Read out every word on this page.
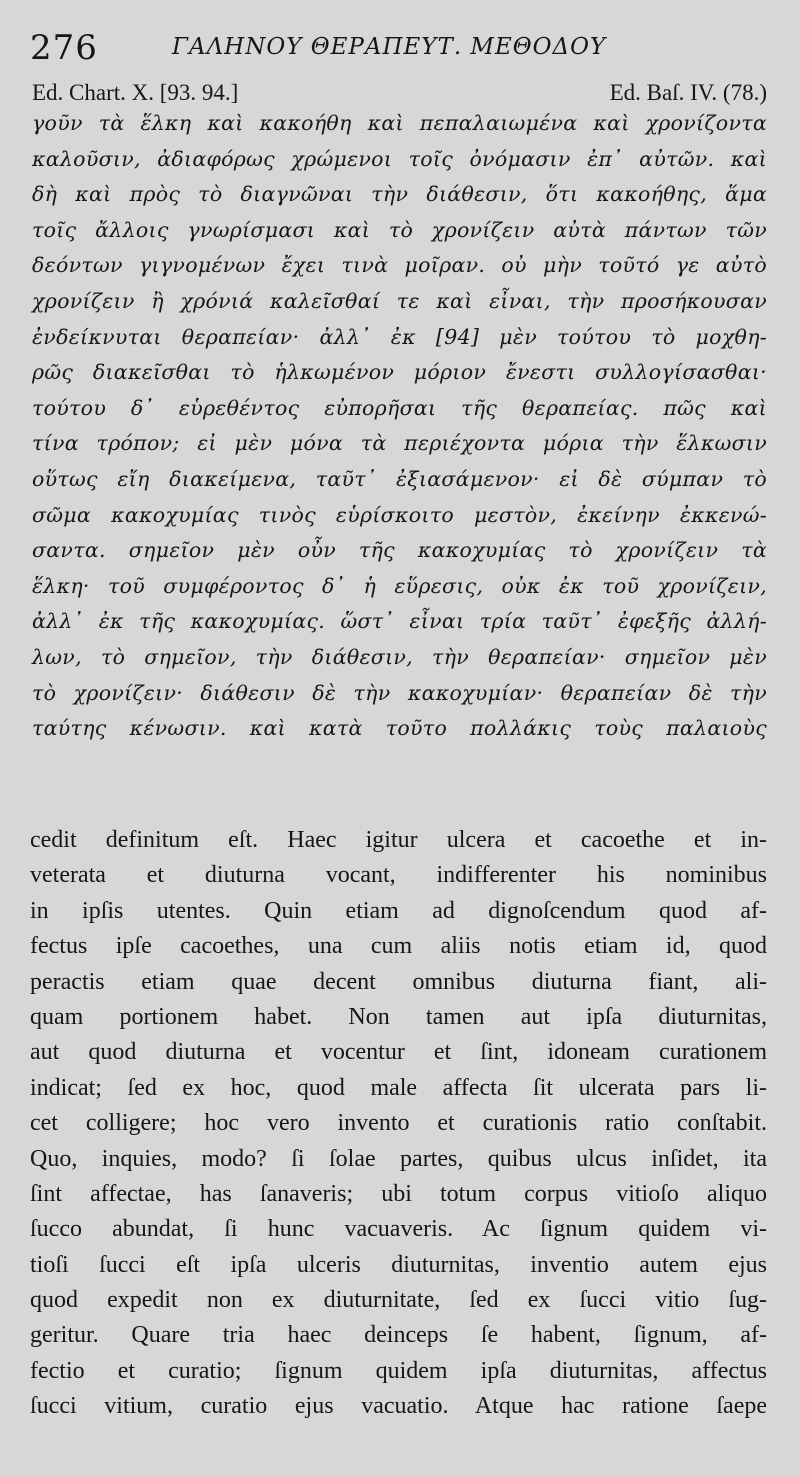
276	ΓΑΛΗΝΟΥ ΘΕΡΑΠΕΥΤ. ΜΕΘΟΔΟΥ
Ed. Chart. X. [93. 94.]	Ed. Baſ. IV. (78.)
γοῦν τὰ ἕλκη καὶ κακοήθη καὶ πεπαλαιωμένα καὶ χρονίζοντα
καλοῦσιν, ἀδιαφόρως χρώμενοι τοῖς ὀνόμασιν ἐπ᾿ αὐτῶν. καὶ
δὴ καὶ πρὸς τὸ διαγνῶναι τὴν διάθεσιν, ὅτι κακοήθης, ἅμα
τοῖς ἄλλοις γνωρίσμασι καὶ τὸ χρονίζειν αὐτὰ πάντων τῶν
δεόντων γιγνομένων ἔχει τινὰ μοῖραν. οὐ μὴν τοῦτό γε αὐτὸ
χρονίζειν ἢ χρόνιά καλεῖσθαί τε καὶ εἶναι, τὴν προσήκουσαν
ἐνδείκνυται θεραπείαν· ἀλλ᾿ ἐκ [94] μὲν τούτου τὸ μοχθη-
ρῶς διακεῖσθαι τὸ ἡλκωμένον μόριον ἔνεστι συλλογίσασθαι·
τούτου δ᾿ εὑρεθέντος εὐπορῆσαι τῆς θεραπείας. πῶς καὶ
τίνα τρόπον; εἰ μὲν μόνα τὰ περιέχοντα μόρια τὴν ἕλκωσιν
οὕτως εἴη διακείμενα, ταῦτ᾿ ἐξιασάμενον· εἰ δὲ σύμπαν τὸ
σῶμα κακοχυμίας τινὸς εὑρίσκοιτο μεστὸν, ἐκείνην ἐκκενώ-
σαντα. σημεῖον μὲν οὖν τῆς κακοχυμίας τὸ χρονίζειν τὰ
ἕλκη· τοῦ συμφέροντος δ᾿ ἡ εὕρεσις, οὐκ ἐκ τοῦ χρονίζειν,
ἀλλ᾿ ἐκ τῆς κακοχυμίας. ὥστ᾿ εἶναι τρία ταῦτ᾿ ἐφεξῆς ἀλλή-
λων, τὸ σημεῖον, τὴν διάθεσιν, τὴν θεραπείαν· σημεῖον μὲν
τὸ χρονίζειν· διάθεσιν δὲ τὴν κακοχυμίαν· θεραπείαν δὲ τὴν
ταύτης κένωσιν. καὶ κατὰ τοῦτο πολλάκις τοὺς παλαιοὺς
cedit definitum eſt. Haec igitur ulcera et cacoethe et in-
veterata et diuturna vocant, indifferenter his nominibus
in ipſis utentes. Quin etiam ad dignoſcendum quod af-
fectus ipſe cacoethes, una cum aliis notis etiam id, quod
peractis etiam quae decent omnibus diuturna fiant, ali-
quam portionem habet. Non tamen aut ipſa diuturnitas,
aut quod diuturna et vocentur et ſint, idoneam curationem
indicat; ſed ex hoc, quod male affecta ſit ulcerata pars li-
cet colligere; hoc vero invento et curationis ratio conſtabit.
Quo, inquies, modo? ſi ſolae partes, quibus ulcus inſidet, ita
ſint affectae, has ſanaveris; ubi totum corpus vitioſo aliquo
ſucco abundat, ſi hunc vacuaveris. Ac ſignum quidem vi-
tioſi ſucci eſt ipſa ulceris diuturnitas, inventio autem ejus
quod expedit non ex diuturnitate, ſed ex ſucci vitio ſug-
geritur. Quare tria haec deinceps ſe habent, ſignum, af-
fectio et curatio; ſignum quidem ipſa diuturnitas, affectus
ſucci vitium, curatio ejus vacuatio. Atque hac ratione ſaepe
